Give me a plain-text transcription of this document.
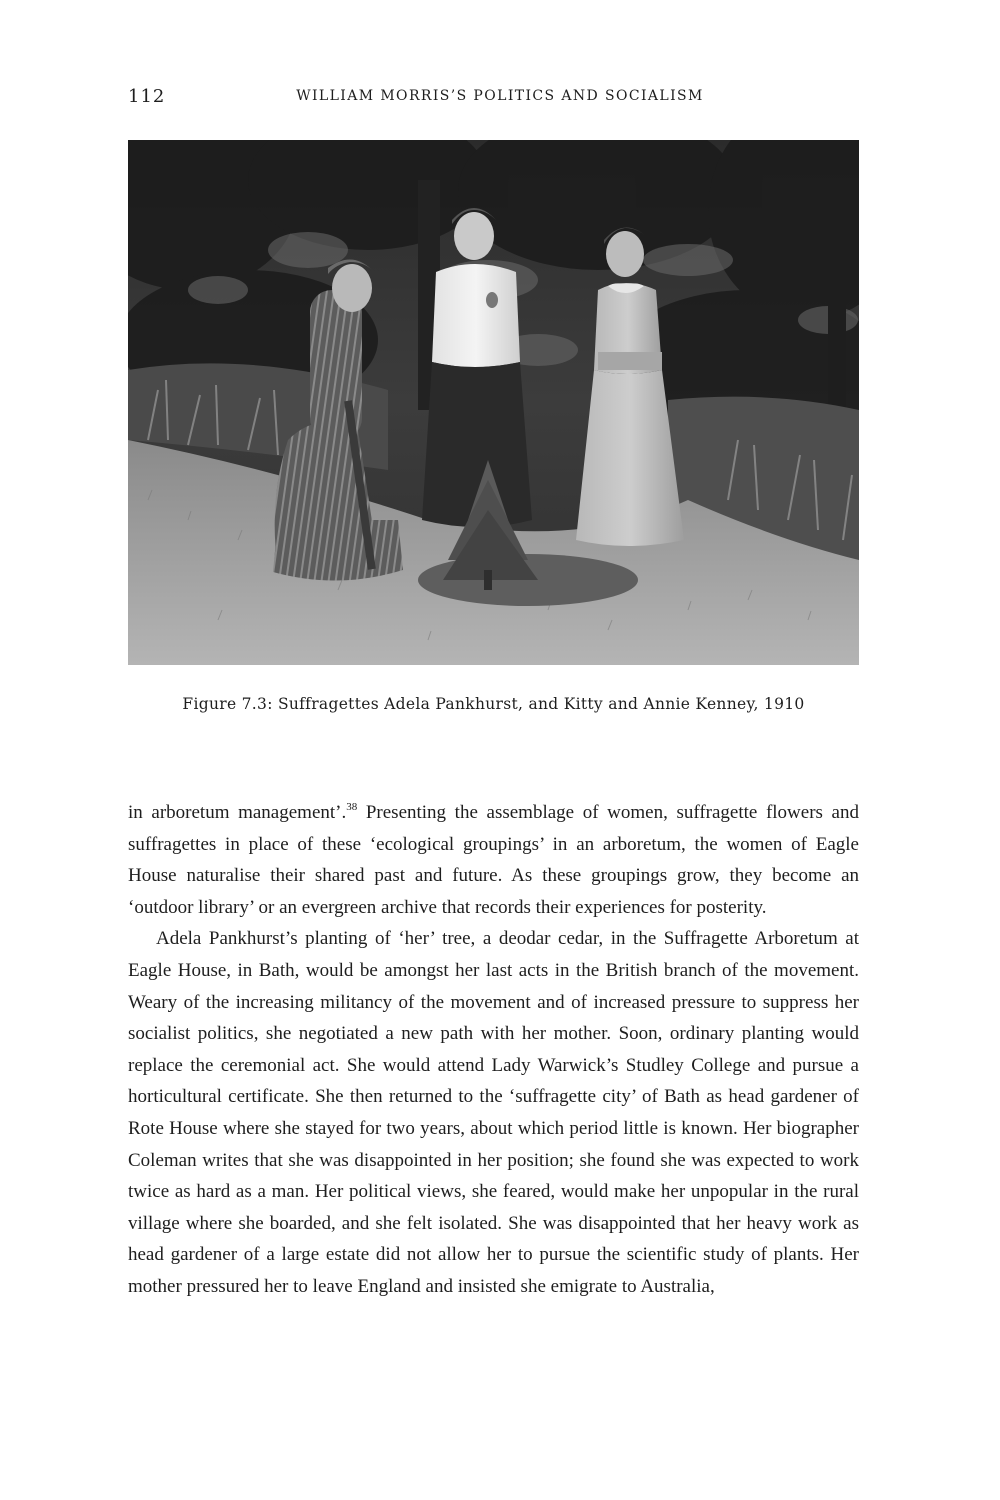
112	WILLIAM MORRIS’S POLITICS AND SOCIALISM
Figure 7.3: Suffragettes Adela Pankhurst, and Kitty and Annie Kenney, 1910

in arboretum management’.$^{38}$ Presenting the assemblage of women, suffragette flowers and suffragettes in place of these ‘ecological groupings’ in an arboretum, the women of Eagle House naturalise their shared past and future. As these groupings grow, they become an ‘outdoor library’ or an evergreen archive that records their experiences for posterity.

Adela Pankhurst’s planting of ‘her’ tree, a deodar cedar, in the Suffragette Arboretum at Eagle House, in Bath, would be amongst her last acts in the British branch of the movement. Weary of the increasing militancy of the movement and of increased pressure to suppress her socialist politics, she negotiated a new path with her mother. Soon, ordinary planting would replace the ceremonial act. She would attend Lady Warwick’s Studley College and pursue a horticultural certificate. She then returned to the ‘suffragette city’ of Bath as head gardener of Rote House where she stayed for two years, about which period little is known. Her biographer Coleman writes that she was disappointed in her position; she found she was expected to work twice as hard as a man. Her political views, she feared, would make her unpopular in the rural village where she boarded, and she felt isolated. She was disappointed that her heavy work as head gardener of a large estate did not allow her to pursue the scientific study of plants. Her mother pressured her to leave England and insisted she emigrate to Australia,
